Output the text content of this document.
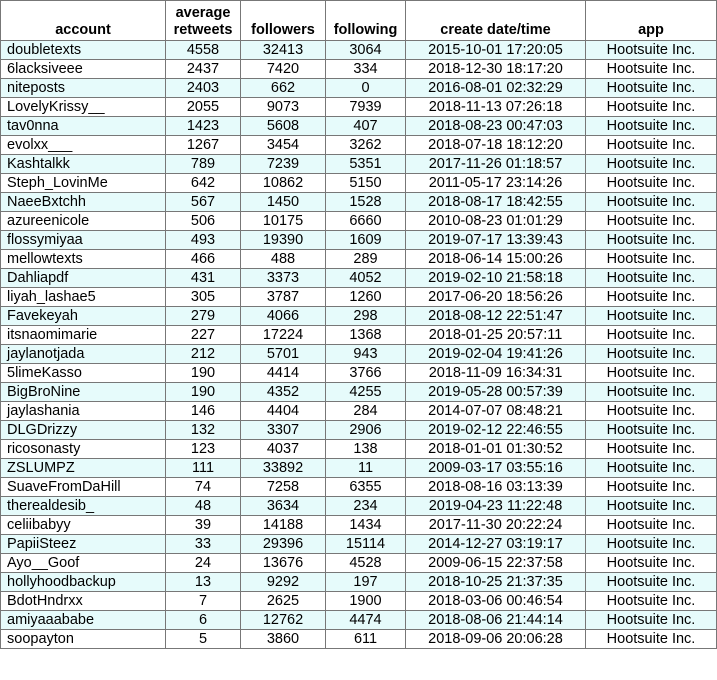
account	average retweets	followers	following	create date/time	app
doubletexts	4558	32413	3064	2015-10-01 17:20:05	Hootsuite Inc.
6lacksiveee	2437	7420	334	2018-12-30 18:17:20	Hootsuite Inc.
niteposts	2403	662	0	2016-08-01 02:32:29	Hootsuite Inc.
LovelyKrissy__	2055	9073	7939	2018-11-13 07:26:18	Hootsuite Inc.
tav0nna	1423	5608	407	2018-08-23 00:47:03	Hootsuite Inc.
evolxx___	1267	3454	3262	2018-07-18 18:12:20	Hootsuite Inc.
Kashtalkk	789	7239	5351	2017-11-26 01:18:57	Hootsuite Inc.
Steph_LovinMe	642	10862	5150	2011-05-17 23:14:26	Hootsuite Inc.
NaeeBxtchh	567	1450	1528	2018-08-17 18:42:55	Hootsuite Inc.
azureenicole	506	10175	6660	2010-08-23 01:01:29	Hootsuite Inc.
flossymiyaa	493	19390	1609	2019-07-17 13:39:43	Hootsuite Inc.
mellowtexts	466	488	289	2018-06-14 15:00:26	Hootsuite Inc.
Dahliapdf	431	3373	4052	2019-02-10 21:58:18	Hootsuite Inc.
liyah_lashae5	305	3787	1260	2017-06-20 18:56:26	Hootsuite Inc.
Favekeyah	279	4066	298	2018-08-12 22:51:47	Hootsuite Inc.
itsnaomimarie	227	17224	1368	2018-01-25 20:57:11	Hootsuite Inc.
jaylanotjada	212	5701	943	2019-02-04 19:41:26	Hootsuite Inc.
5limeKasso	190	4414	3766	2018-11-09 16:34:31	Hootsuite Inc.
BigBroNine	190	4352	4255	2019-05-28 00:57:39	Hootsuite Inc.
jaylashania	146	4404	284	2014-07-07 08:48:21	Hootsuite Inc.
DLGDrizzy	132	3307	2906	2019-02-12 22:46:55	Hootsuite Inc.
ricosonasty	123	4037	138	2018-01-01 01:30:52	Hootsuite Inc.
ZSLUMPZ	111	33892	11	2009-03-17 03:55:16	Hootsuite Inc.
SuaveFromDaHill	74	7258	6355	2018-08-16 03:13:39	Hootsuite Inc.
therealdesib_	48	3634	234	2019-04-23 11:22:48	Hootsuite Inc.
celiibabyy	39	14188	1434	2017-11-30 20:22:24	Hootsuite Inc.
PapiiSteez	33	29396	15114	2014-12-27 03:19:17	Hootsuite Inc.
Ayo__Goof	24	13676	4528	2009-06-15 22:37:58	Hootsuite Inc.
hollyhoodbackup	13	9292	197	2018-10-25 21:37:35	Hootsuite Inc.
BdotHndrxx	7	2625	1900	2018-03-06 00:46:54	Hootsuite Inc.
amiyaaababe	6	12762	4474	2018-08-06 21:44:14	Hootsuite Inc.
soopayton	5	3860	611	2018-09-06 20:06:28	Hootsuite Inc.
